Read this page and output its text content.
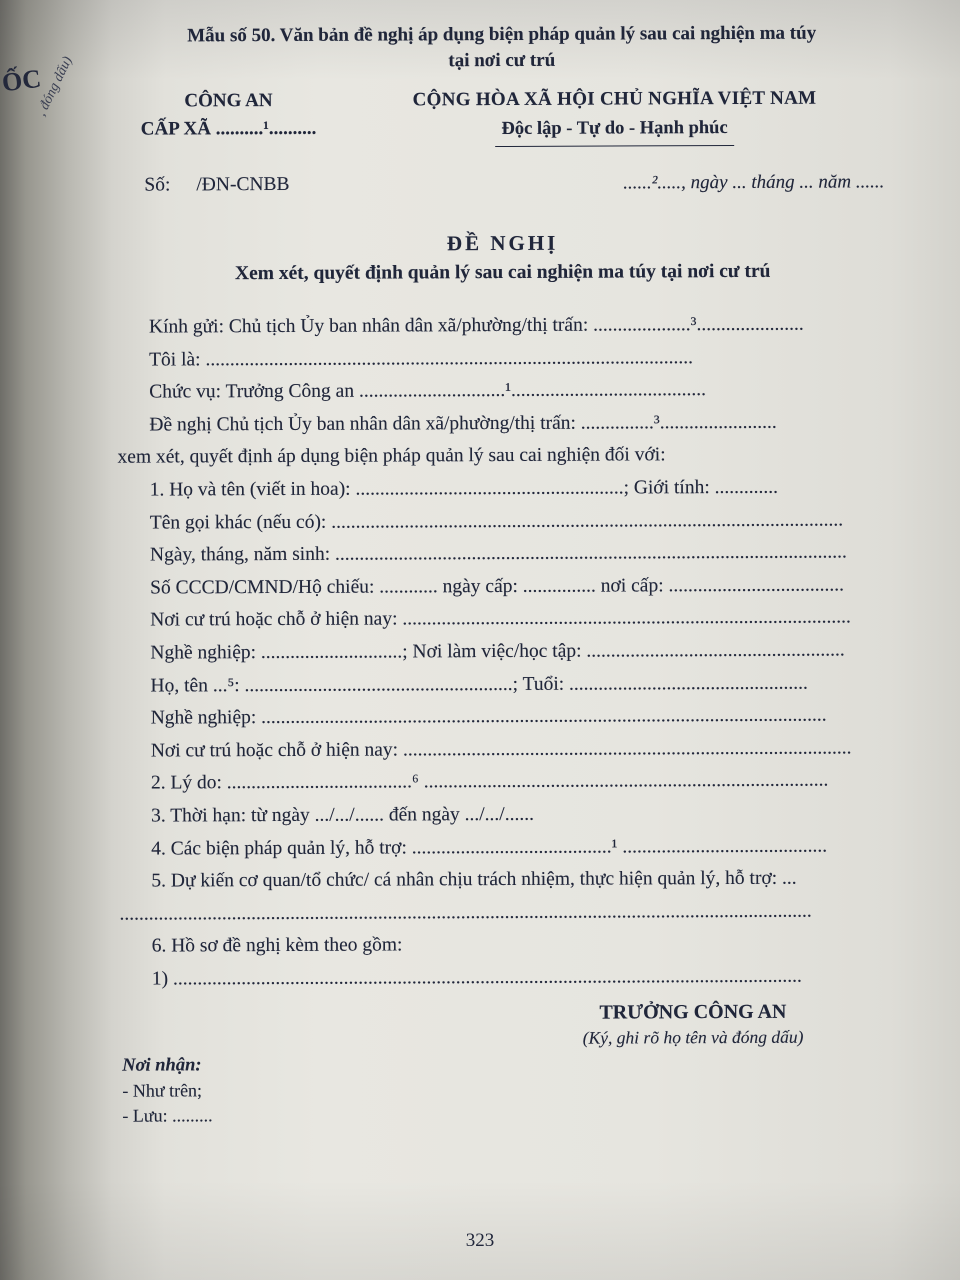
ỐC
, đóng dấu)
Mẫu số 50. Văn bản đề nghị áp dụng biện pháp quản lý sau cai nghiện ma túy
tại nơi cư trú
CÔNG AN
CẤP XÃ ..........¹..........
CỘNG HÒA XÃ HỘI CHỦ NGHĨA VIỆT NAM
Độc lập - Tự do - Hạnh phúc
Số: /ĐN-CNBB	......²....., ngày ... tháng ... năm ......
ĐỀ NGHỊ
Xem xét, quyết định quản lý sau cai nghiện ma túy tại nơi cư trú

Kính gửi: Chủ tịch Ủy ban nhân dân xã/phường/thị trấn: ....................³......................

Tôi là: ....................................................................................................

Chức vụ: Trưởng Công an ..............................¹........................................

Đề nghị Chủ tịch Ủy ban nhân dân xã/phường/thị trấn: ...............³........................

xem xét, quyết định áp dụng biện pháp quản lý sau cai nghiện đối với:

1. Họ và tên (viết in hoa): .......................................................; Giới tính: .............

Tên gọi khác (nếu có): .........................................................................................................

Ngày, tháng, năm sinh: .........................................................................................................

Số CCCD/CMND/Hộ chiếu: ............ ngày cấp: ............... nơi cấp: ....................................

Nơi cư trú hoặc chỗ ở hiện nay: ............................................................................................

Nghề nghiệp: .............................; Nơi làm việc/học tập: .....................................................

Họ, tên ...⁵: .......................................................; Tuổi: .................................................

Nghề nghiệp: ....................................................................................................................

Nơi cư trú hoặc chỗ ở hiện nay: ............................................................................................

2. Lý do: ......................................⁶ ...................................................................................

3. Thời hạn: từ ngày .../.../...... đến ngày .../.../......

4. Các biện pháp quản lý, hỗ trợ: .........................................¹ ..........................................

5. Dự kiến cơ quan/tổ chức/ cá nhân chịu trách nhiệm, thực hiện quản lý, hỗ trợ: ...

..............................................................................................................................................

6. Hồ sơ đề nghị kèm theo gồm:

1) .................................................................................................................................

Nơi nhận:
- Như trên;
- Lưu: .........
TRƯỞNG CÔNG AN
(Ký, ghi rõ họ tên và đóng dấu)
323
